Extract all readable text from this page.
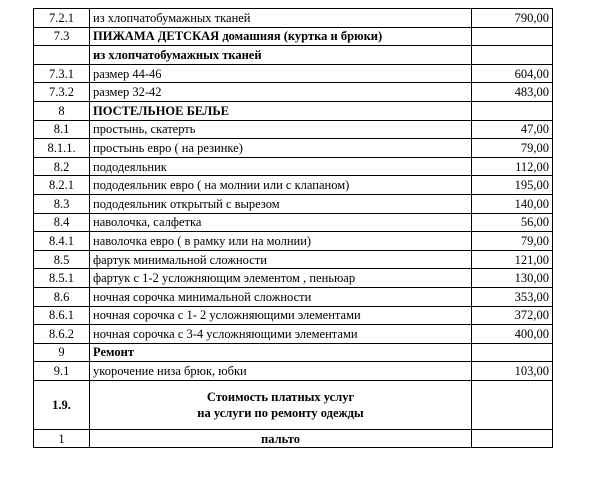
7.2.1	из хлопчатобумажных тканей	790,00
7.3	ПИЖАМА ДЕТСКАЯ домашняя (куртка и брюки)	
	из хлопчатобумажных тканей	
7.3.1	размер 44-46	604,00
7.3.2	размер 32-42	483,00
8	ПОСТЕЛЬНОЕ БЕЛЬЕ	
8.1	простынь, скатерть	47,00
8.1.1.	простынь евро ( на резинке)	79,00
8.2	пододеяльник	112,00
8.2.1	пододеяльник евро ( на молнии или с клапаном)	195,00
8.3	пододеяльник открытый с вырезом	140,00
8.4	наволочка, салфетка	56,00
8.4.1	наволочка евро ( в рамку или на молнии)	79,00
8.5	фартук минимальной сложности	121,00
8.5.1	фартук с 1-2 усложняющим элементом , пеньюар	130,00
8.6	ночная сорочка минимальной сложности	353,00
8.6.1	ночная сорочка с 1- 2 усложняющими элементами	372,00
8.6.2	ночная сорочка с 3-4 усложняющими элементами	400,00
9	Ремонт	
9.1	укорочение низа брюк, юбки	103,00
1.9.	Стоимость платных услуг
на услуги по ремонту одежды	

1	пальто	
